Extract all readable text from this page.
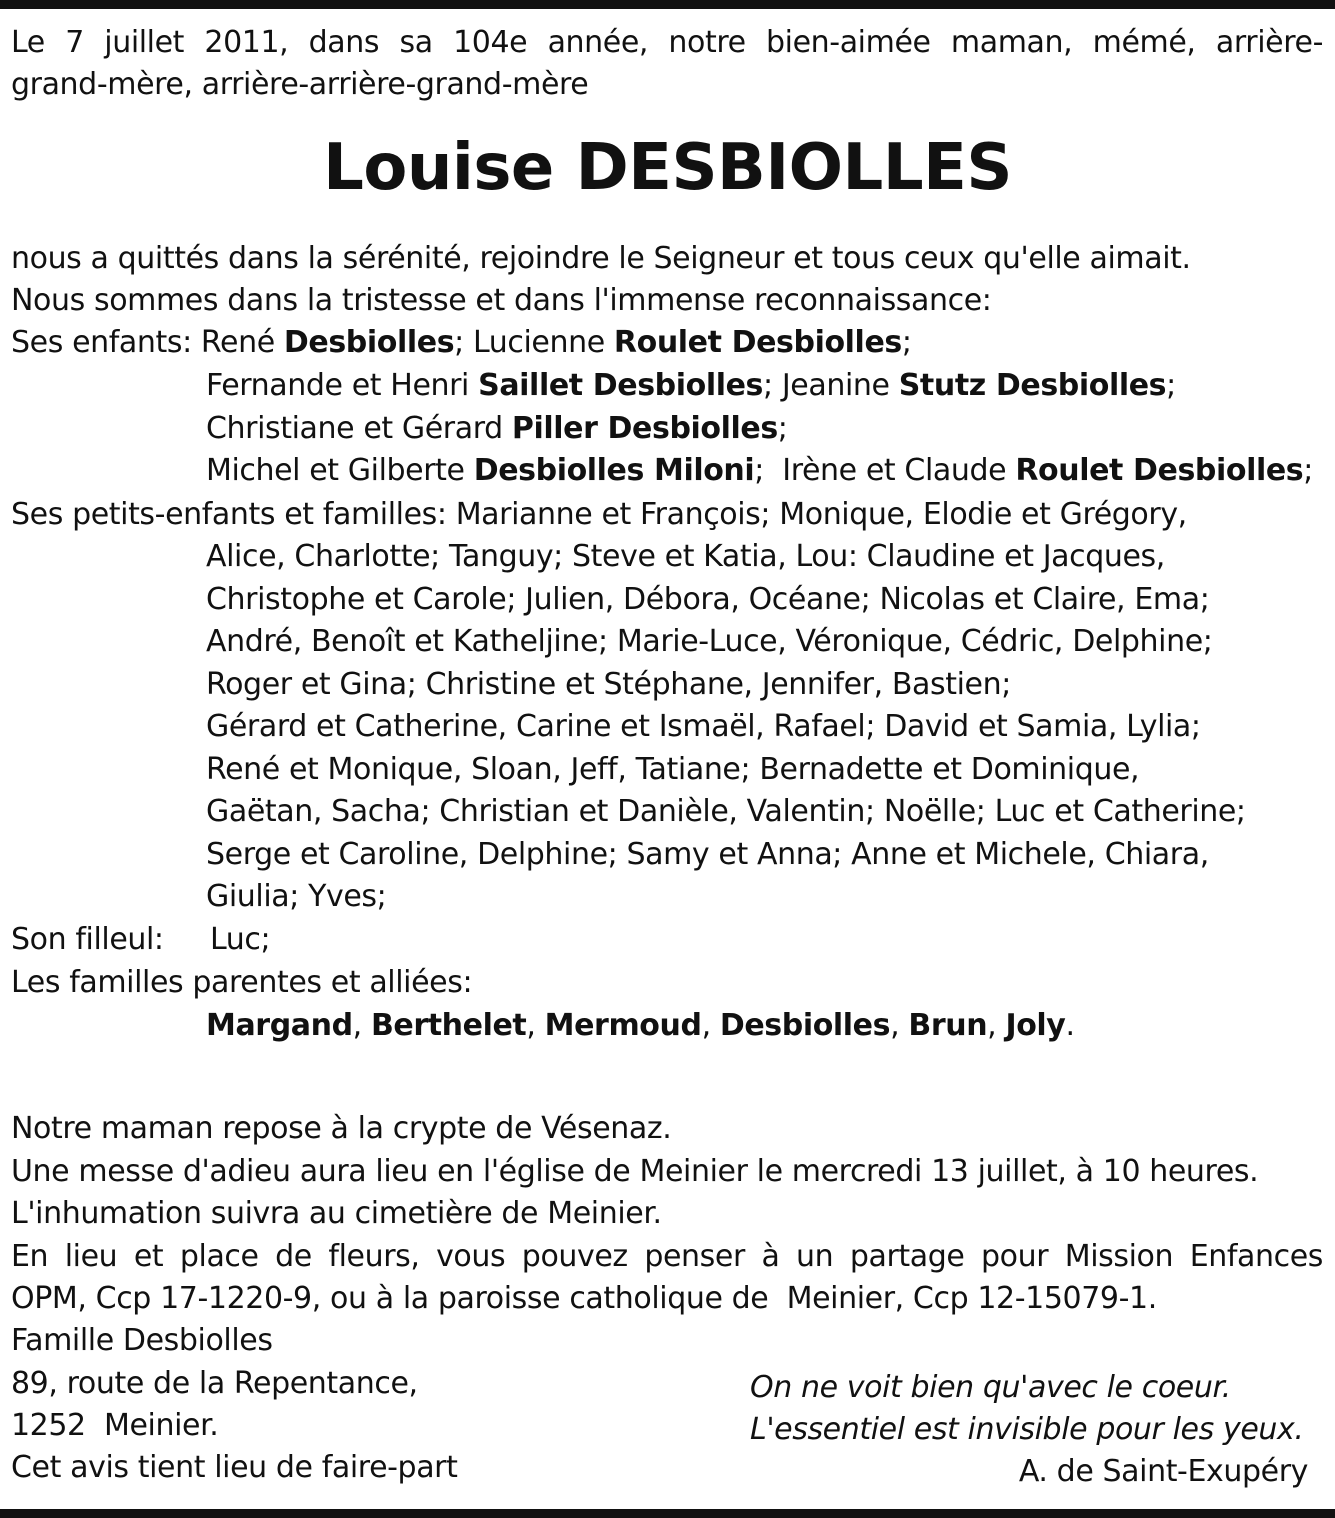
Le 7 juillet 2011, dans sa 104e année, notre bien-aimée maman, mémé, arrière-
grand-mère, arrière-arrière-grand-mère
Louise DESBIOLLES
nous a quittés dans la sérénité, rejoindre le Seigneur et tous ceux qu'elle aimait.
Nous sommes dans la tristesse et dans l'immense reconnaissance:
Ses enfants: René Desbiolles; Lucienne Roulet Desbiolles;
Fernande et Henri Saillet Desbiolles; Jeanine Stutz Desbiolles;
Christiane et Gérard Piller Desbiolles;
Michel et Gilberte Desbiolles Miloni;  Irène et Claude Roulet Desbiolles;
Ses petits-enfants et familles: Marianne et François; Monique, Elodie et Grégory,
Alice, Charlotte; Tanguy; Steve et Katia, Lou: Claudine et Jacques,
Christophe et Carole; Julien, Débora, Océane; Nicolas et Claire, Ema;
André, Benoît et Katheljine; Marie-Luce, Véronique, Cédric, Delphine;
Roger et Gina; Christine et Stéphane, Jennifer, Bastien;
Gérard et Catherine, Carine et Ismaël, Rafael; David et Samia, Lylia;
René et Monique, Sloan, Jeff, Tatiane; Bernadette et Dominique,
Gaëtan, Sacha; Christian et Danièle, Valentin; Noëlle; Luc et Catherine;
Serge et Caroline, Delphine; Samy et Anna; Anne et Michele, Chiara,
Giulia; Yves;
Son filleul: Luc;
Les familles parentes et alliées:
Margand, Berthelet, Mermoud, Desbiolles, Brun, Joly.
Notre maman repose à la crypte de Vésenaz.
Une messe d'adieu aura lieu en l'église de Meinier le mercredi 13 juillet, à 10 heures.
L'inhumation suivra au cimetière de Meinier.
En lieu et place de fleurs, vous pouvez penser à un partage pour Mission Enfances
OPM, Ccp 17-1220-9, ou à la paroisse catholique de  Meinier, Ccp 12-15079-1.
Famille Desbiolles
89, route de la Repentance,
1252  Meinier.
Cet avis tient lieu de faire-part
On ne voit bien qu'avec le coeur.
L'essentiel est invisible pour les yeux.
A. de Saint-Exupéry
